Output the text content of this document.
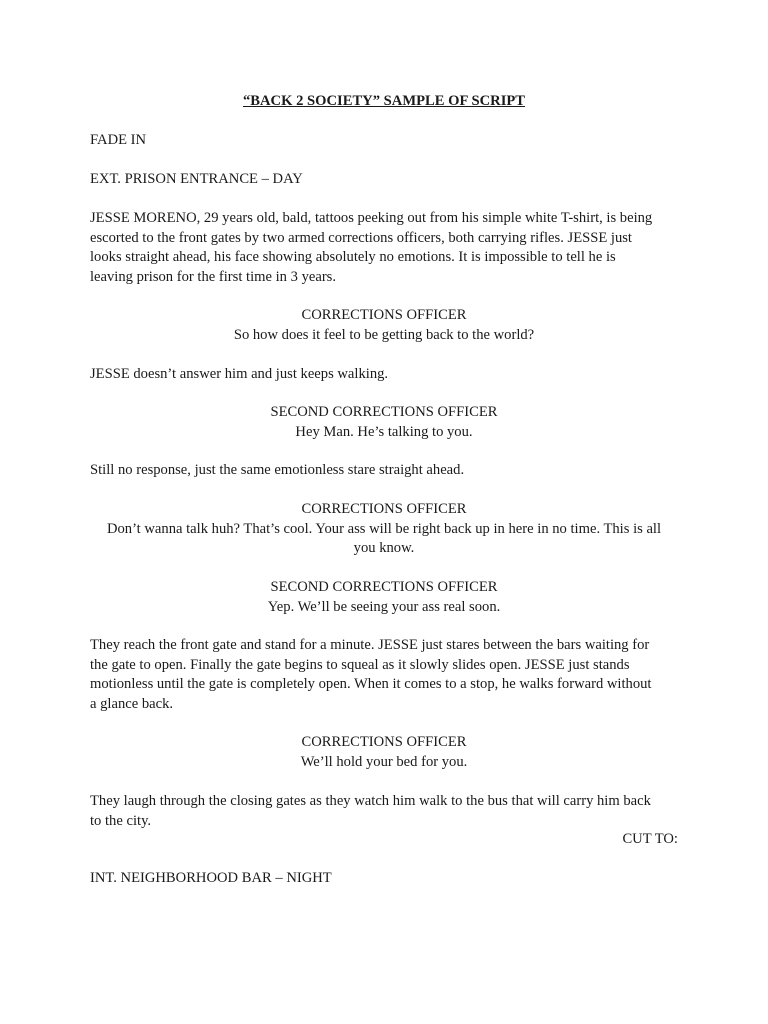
“BACK 2 SOCIETY” SAMPLE OF SCRIPT
FADE IN
EXT. PRISON ENTRANCE – DAY
JESSE MORENO, 29 years old, bald, tattoos peeking out from his simple white T-shirt, is being
escorted to the front gates by two armed corrections officers, both carrying rifles. JESSE just
looks straight ahead, his face showing absolutely no emotions. It is impossible to tell he is
leaving prison for the first time in 3 years.
CORRECTIONS OFFICER
So how does it feel to be getting back to the world?
JESSE doesn’t answer him and just keeps walking.
SECOND CORRECTIONS OFFICER
Hey Man. He’s talking to you.
Still no response, just the same emotionless stare straight ahead.
CORRECTIONS OFFICER
Don’t wanna talk huh? That’s cool. Your ass will be right back up in here in no time. This is all
you know.
SECOND CORRECTIONS OFFICER
Yep. We’ll be seeing your ass real soon.
They reach the front gate and stand for a minute. JESSE just stares between the bars waiting for
the gate to open. Finally the gate begins to squeal as it slowly slides open. JESSE just stands
motionless until the gate is completely open. When it comes to a stop, he walks forward without
a glance back.
CORRECTIONS OFFICER
We’ll hold your bed for you.
They laugh through the closing gates as they watch him walk to the bus that will carry him back
to the city.
CUT TO:
INT. NEIGHBORHOOD BAR – NIGHT
